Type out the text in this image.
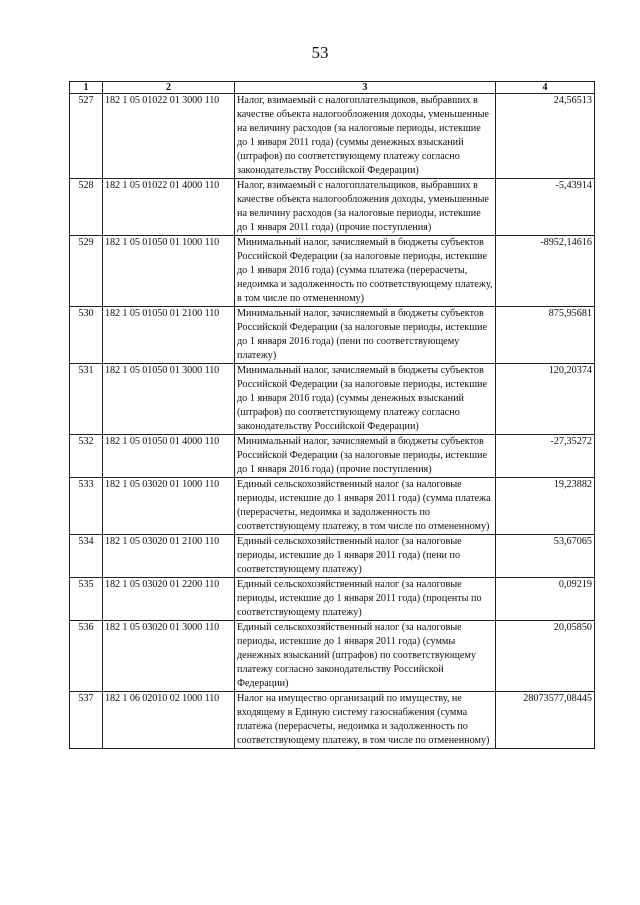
53
1	2	3	4
527	182 1 05 01022 01 3000 110	Налог, взимаемый с налогоплательщиков, выбравших в качестве объекта налогообложения доходы, уменьшенные на величину расходов (за налоговые периоды, истекшие до 1 января 2011 года) (суммы денежных взысканий (штрафов) по соответствующему платежу согласно законодательству Российской Федерации)	24,56513
528	182 1 05 01022 01 4000 110	Налог, взимаемый с налогоплательщиков, выбравших в качестве объекта налогообложения доходы, уменьшенные на величину расходов (за налоговые периоды, истекшие до 1 января 2011 года) (прочие поступления)	-5,43914
529	182 1 05 01050 01 1000 110	Минимальный налог, зачисляемый в бюджеты субъектов Российской Федерации (за налоговые периоды, истекшие до 1 января 2016 года) (сумма платежа (перерасчеты, недоимка и задолженность по соответствующему платежу, в том числе по отмененному)	-8952,14616
530	182 1 05 01050 01 2100 110	Минимальный налог, зачисляемый в бюджеты субъектов Российской Федерации (за налоговые периоды, истекшие до 1 января 2016 года) (пени по соответствующему платежу)	875,95681
531	182 1 05 01050 01 3000 110	Минимальный налог, зачисляемый в бюджеты субъектов Российской Федерации (за налоговые периоды, истекшие до 1 января 2016 года) (суммы денежных взысканий (штрафов) по соответствующему платежу согласно законодательству Российской Федерации)	120,20374
532	182 1 05 01050 01 4000 110	Минимальный налог, зачисляемый в бюджеты субъектов Российской Федерации (за налоговые периоды, истекшие до 1 января 2016 года) (прочие поступления)	-27,35272
533	182 1 05 03020 01 1000 110	Единый сельскохозяйственный налог (за налоговые периоды, истекшие до 1 января 2011 года) (сумма платежа (перерасчеты, недоимка и задолженность по соответствующему платежу, в том числе по отмененному)	19,23882
534	182 1 05 03020 01 2100 110	Единый сельскохозяйственный налог (за налоговые периоды, истекшие до 1 января 2011 года) (пени по соответствующему платежу)	53,67065
535	182 1 05 03020 01 2200 110	Единый сельскохозяйственный налог (за налоговые периоды, истекшие до 1 января 2011 года) (проценты по соответствующему платежу)	0,09219
536	182 1 05 03020 01 3000 110	Единый сельскохозяйственный налог (за налоговые периоды, истекшие до 1 января 2011 года) (суммы денежных взысканий (штрафов) по соответствующему платежу согласно законодательству Российской Федерации)	20,05850
537	182 1 06 02010 02 1000 110	Налог на имущество организаций по имуществу, не входящему в Единую систему газоснабжения (сумма платежа (перерасчеты, недоимка и задолженность по соответствующему платежу, в том числе по отмененному)	28073577,08445
